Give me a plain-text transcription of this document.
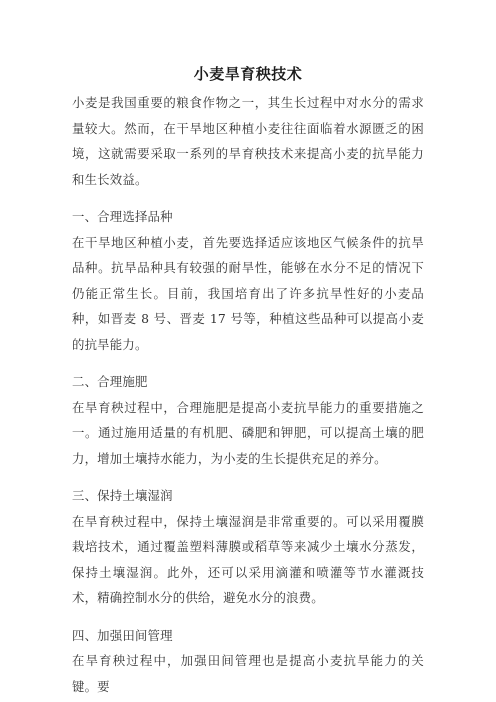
小麦旱育秧技术

小麦是我国重要的粮食作物之一，其生长过程中对水分的需求量较大。然而，在干旱地区种植小麦往往面临着水源匮乏的困境，这就需要采取一系列的旱育秧技术来提高小麦的抗旱能力和生长效益。

一、合理选择品种

在干旱地区种植小麦，首先要选择适应该地区气候条件的抗旱品种。抗旱品种具有较强的耐旱性，能够在水分不足的情况下仍能正常生长。目前，我国培育出了许多抗旱性好的小麦品种，如晋麦 8 号、晋麦 17 号等，种植这些品种可以提高小麦的抗旱能力。

二、合理施肥

在旱育秧过程中，合理施肥是提高小麦抗旱能力的重要措施之一。通过施用适量的有机肥、磷肥和钾肥，可以提高土壤的肥力，增加土壤持水能力，为小麦的生长提供充足的养分。

三、保持土壤湿润

在旱育秧过程中，保持土壤湿润是非常重要的。可以采用覆膜栽培技术，通过覆盖塑料薄膜或稻草等来减少土壤水分蒸发，保持土壤湿润。此外，还可以采用滴灌和喷灌等节水灌溉技术，精确控制水分的供给，避免水分的浪费。

四、加强田间管理

在旱育秧过程中，加强田间管理也是提高小麦抗旱能力的关键。要
